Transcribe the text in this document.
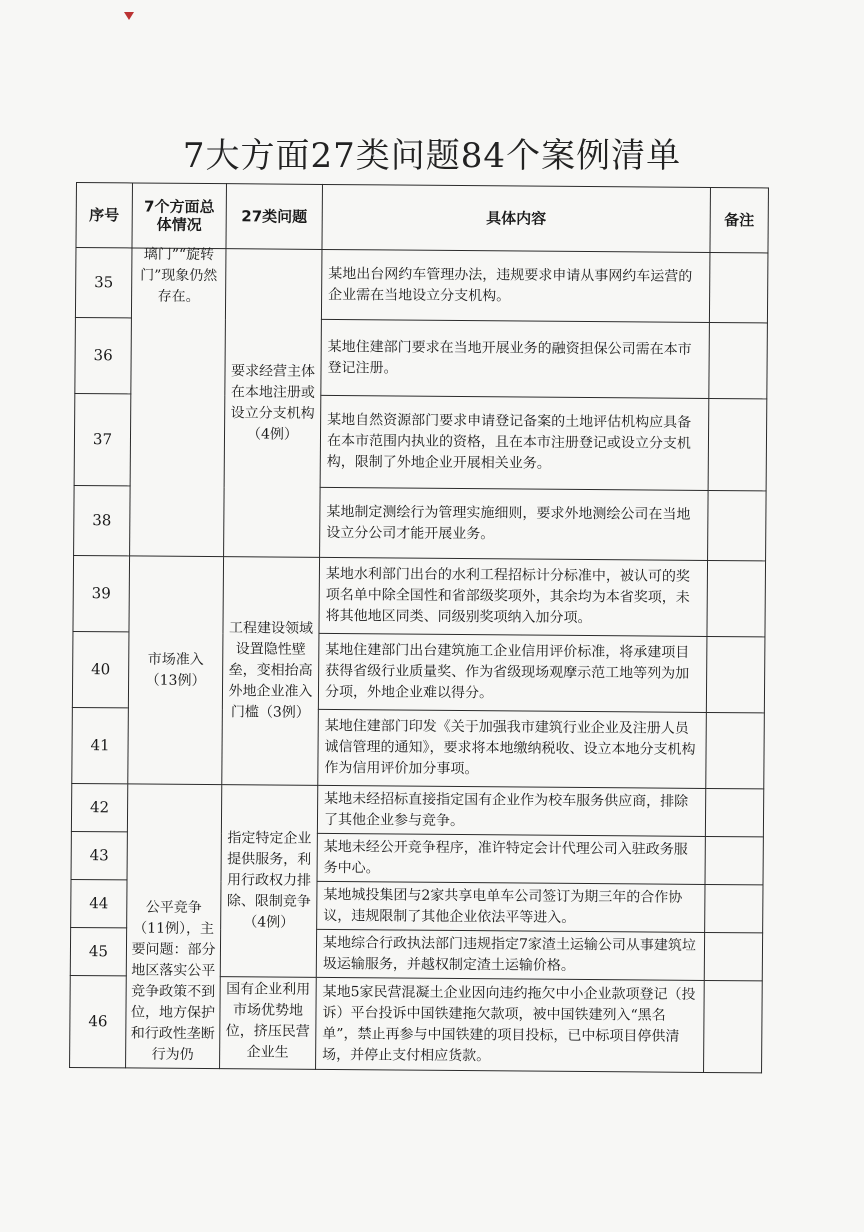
7大方面27类问题84个案例清单
序号	7个方面总体情况	27类问题	具体内容	备注
35	璃门”“旋转门”现象仍然存在。	要求经营主体在本地注册或设立分支机构（4例）	某地出台网约车管理办法，违规要求申请从事网约车运营的企业需在当地设立分支机构。	
36			某地住建部门要求在当地开展业务的融资担保公司需在本市登记注册。	
37			某地自然资源部门要求申请登记备案的土地评估机构应具备在本市范围内执业的资格，且在本市注册登记或设立分支机构，限制了外地企业开展相关业务。	
38			某地制定测绘行为管理实施细则，要求外地测绘公司在当地设立分公司才能开展业务。	
39	市场准入（13例）	工程建设领域设置隐性壁垒，变相抬高外地企业准入门槛（3例）	某地水利部门出台的水利工程招标计分标准中，被认可的奖项名单中除全国性和省部级奖项外，其余均为本省奖项，未将其他地区同类、同级别奖项纳入加分项。	
40			某地住建部门出台建筑施工企业信用评价标准，将承建项目获得省级行业质量奖、作为省级现场观摩示范工地等列为加分项，外地企业难以得分。	
41			某地住建部门印发《关于加强我市建筑行业企业及注册人员诚信管理的通知》，要求将本地缴纳税收、设立本地分支机构作为信用评价加分事项。	
42	公平竞争（11例），主要问题：部分地区落实公平竞争政策不到位，地方保护和行政性垄断行为仍	指定特定企业提供服务，利用行政权力排除、限制竞争（4例）	某地未经招标直接指定国有企业作为校车服务供应商，排除了其他企业参与竞争。	
43			某地未经公开竞争程序，准许特定会计代理公司入驻政务服务中心。	
44			某地城投集团与2家共享电单车公司签订为期三年的合作协议，违规限制了其他企业依法平等进入。	
45			某地综合行政执法部门违规指定7家渣土运输公司从事建筑垃圾运输服务，并越权制定渣土运输价格。	
46		国有企业利用市场优势地位，挤压民营企业生	某地5家民营混凝土企业因向违约拖欠中小企业款项登记（投诉）平台投诉中国铁建拖欠款项，被中国铁建列入“黑名单”，禁止再参与中国铁建的项目投标，已中标项目停供清场，并停止支付相应货款。	
